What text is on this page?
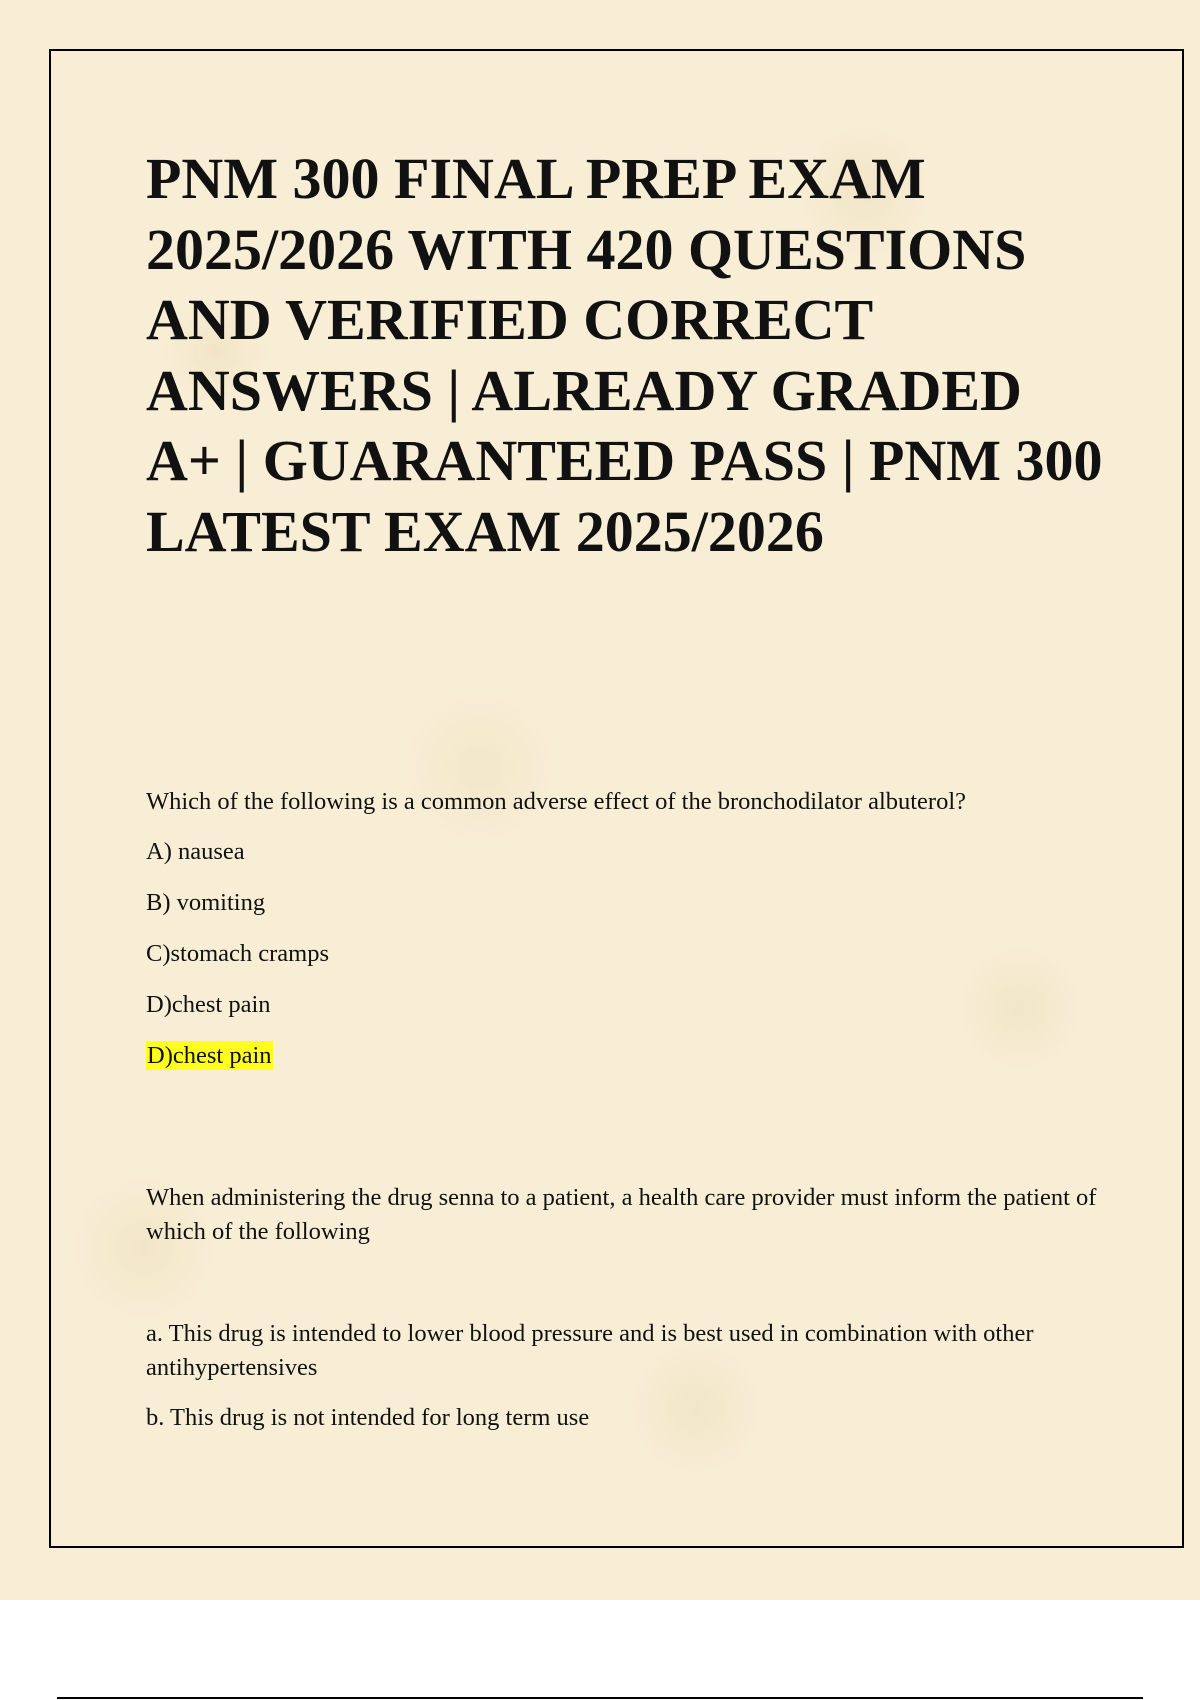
PNM 300 FINAL PREP EXAM 2025/2026 WITH 420 QUESTIONS AND VERIFIED CORRECT ANSWERS | ALREADY GRADED A+ | GUARANTEED PASS | PNM 300 LATEST EXAM 2025/2026

Which of the following is a common adverse effect of the bronchodilator albuterol?

A) nausea

B) vomiting

C)stomach cramps

D)chest pain

D)chest pain

When administering the drug senna to a patient, a health care provider must inform the patient of which of the following

a. This drug is intended to lower blood pressure and is best used in combination with other antihypertensives

b. This drug is not intended for long term use
